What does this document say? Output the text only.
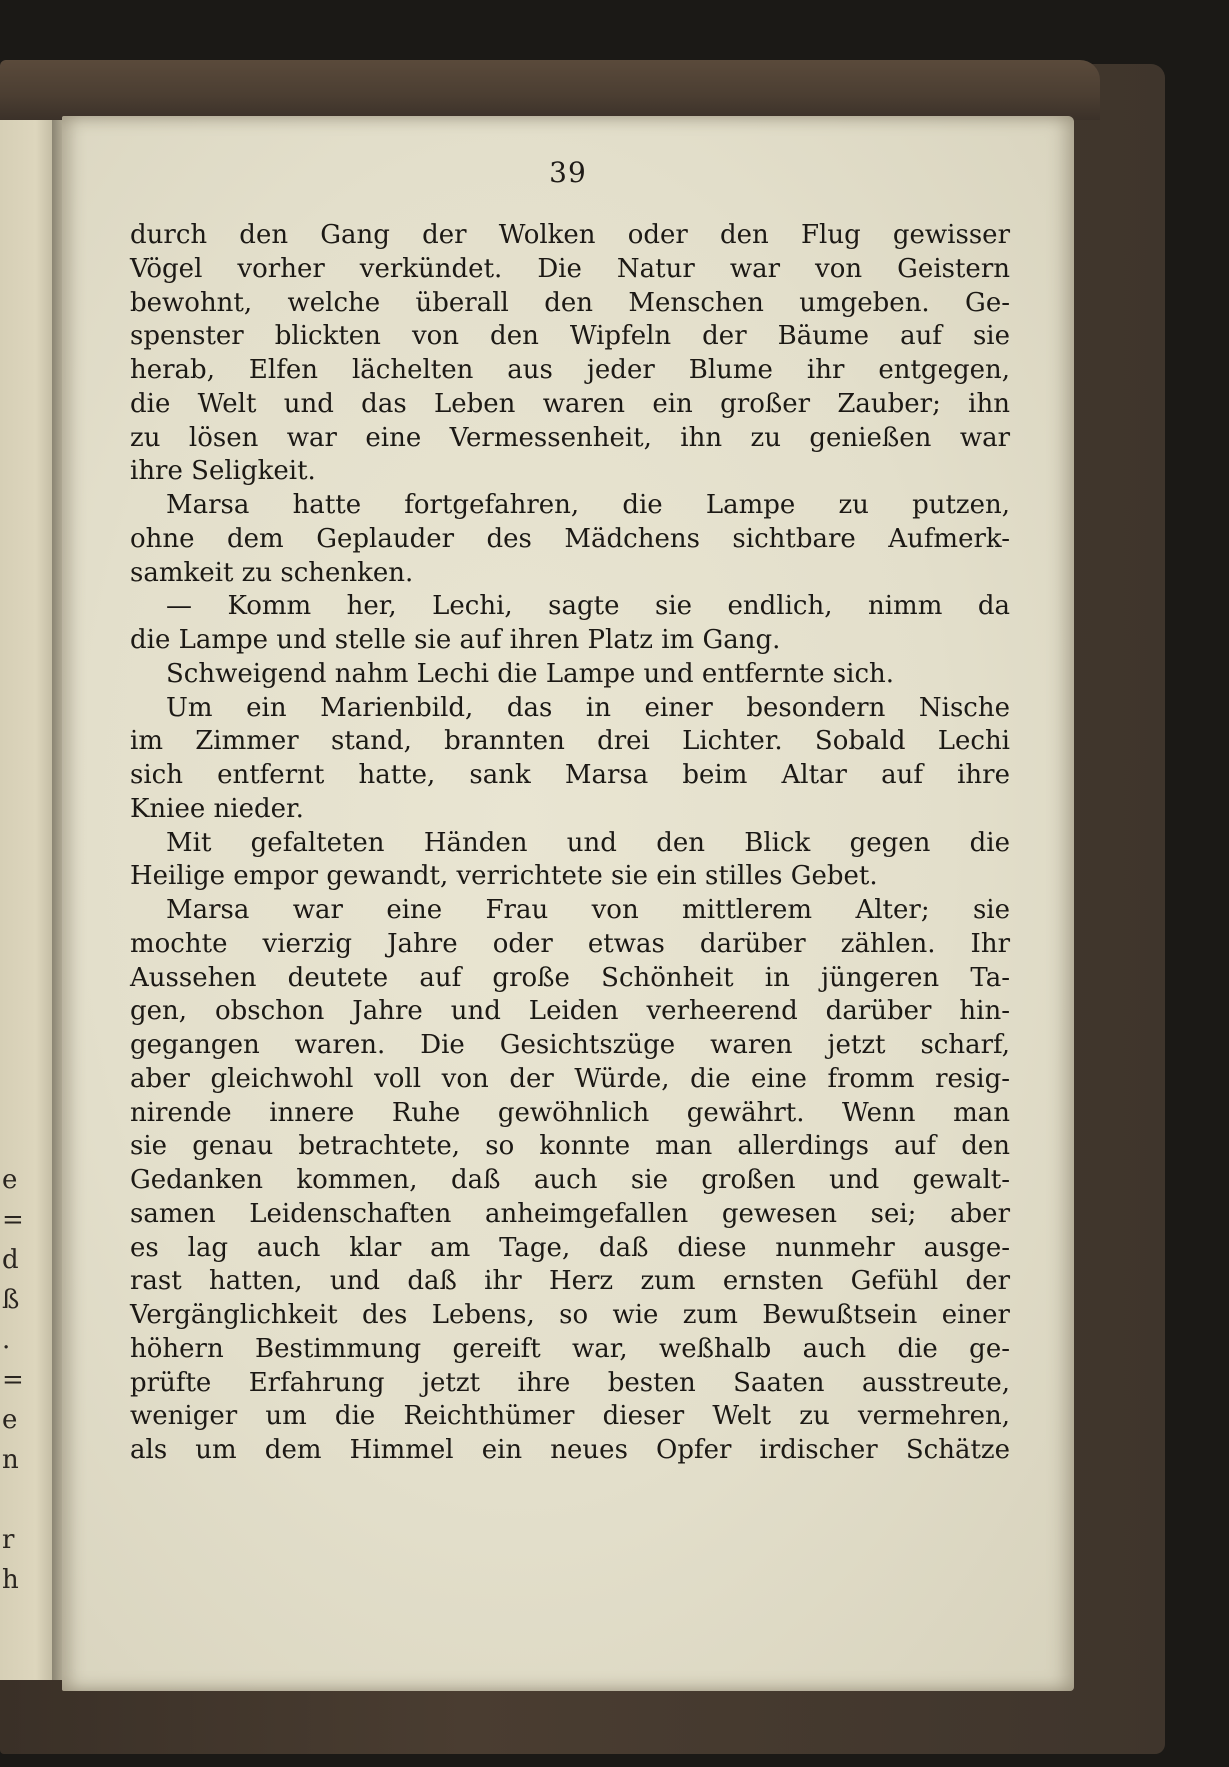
e
=
d
ß
.
=
e
n

r
h
39
durch den Gang der Wolken oder den Flug gewisser
Vögel vorher verkündet. Die Natur war von Geistern
bewohnt, welche überall den Menschen umgeben. Ge-
spenster blickten von den Wipfeln der Bäume auf sie
herab, Elfen lächelten aus jeder Blume ihr entgegen,
die Welt und das Leben waren ein großer Zauber; ihn
zu lösen war eine Vermessenheit, ihn zu genießen war
ihre Seligkeit.
Marsa hatte fortgefahren, die Lampe zu putzen,
ohne dem Geplauder des Mädchens sichtbare Aufmerk-
samkeit zu schenken.
— Komm her, Lechi, sagte sie endlich, nimm da
die Lampe und stelle sie auf ihren Platz im Gang.
Schweigend nahm Lechi die Lampe und entfernte sich.
Um ein Marienbild, das in einer besondern Nische
im Zimmer stand, brannten drei Lichter. Sobald Lechi
sich entfernt hatte, sank Marsa beim Altar auf ihre
Kniee nieder.
Mit gefalteten Händen und den Blick gegen die
Heilige empor gewandt, verrichtete sie ein stilles Gebet.
Marsa war eine Frau von mittlerem Alter; sie
mochte vierzig Jahre oder etwas darüber zählen. Ihr
Aussehen deutete auf große Schönheit in jüngeren Ta-
gen, obschon Jahre und Leiden verheerend darüber hin-
gegangen waren. Die Gesichtszüge waren jetzt scharf,
aber gleichwohl voll von der Würde, die eine fromm resig-
nirende innere Ruhe gewöhnlich gewährt. Wenn man
sie genau betrachtete, so konnte man allerdings auf den
Gedanken kommen, daß auch sie großen und gewalt-
samen Leidenschaften anheimgefallen gewesen sei; aber
es lag auch klar am Tage, daß diese nunmehr ausge-
rast hatten, und daß ihr Herz zum ernsten Gefühl der
Vergänglichkeit des Lebens, so wie zum Bewußtsein einer
höhern Bestimmung gereift war, weßhalb auch die ge-
prüfte Erfahrung jetzt ihre besten Saaten ausstreute,
weniger um die Reichthümer dieser Welt zu vermehren,
als um dem Himmel ein neues Opfer irdischer Schätze
